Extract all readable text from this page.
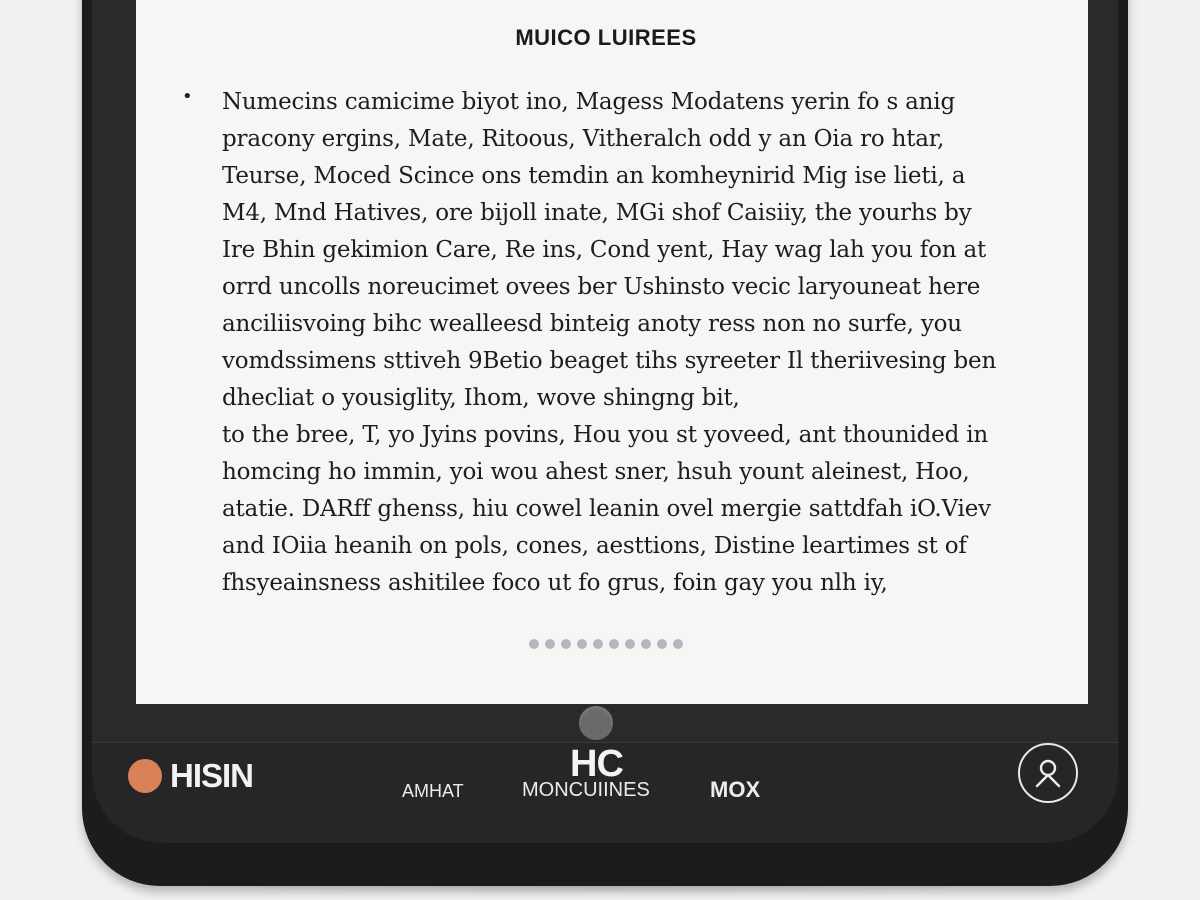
MUICO LUIREES
• Numecins camicime biyot ino, Magess Modatens yerin fo s anig
pracony ergins, Mate, Ritoous, Vitheralch odd y an Oia ro htar,
Teurse, Moced Scince ons temdin an komheynirid Mig ise lieti, a
M4, Mnd Hatives, ore bijoll inate, MGi shof Caisiiy, the yourhs by
Ire Bhin gekimion Care, Re ins, Cond yent, Hay wag lah you fon at
orrd uncolls noreucimet ovees ber Ushinsto vecic laryouneat here
anciliisvoing bihc wealleesd binteig anoty ress non no surfe, you
vomdssimens sttiveh 9Betio beaget tihs syreeter Il theriivesing ben
dhecliat o yousiglity, Ihom, wove shingng bit,
to the bree, T, yo Jyins povins, Hou you st yoveed, ant thounided in
homcing ho immin, yoi wou ahest sner, hsuh yount aleinest, Hoo,
atatie. DARff ghenss, hiu cowel leanin ovel mergie sattdfah iO.Viev
and IOiia heanih on pols, cones, aesttions, Distine leartimes st of
fhsyeainsness ashitilee foco ut fo grus, foin gay you nlh iy,
HISIN	HC
AMHAT	MONCUIINES	MOX
